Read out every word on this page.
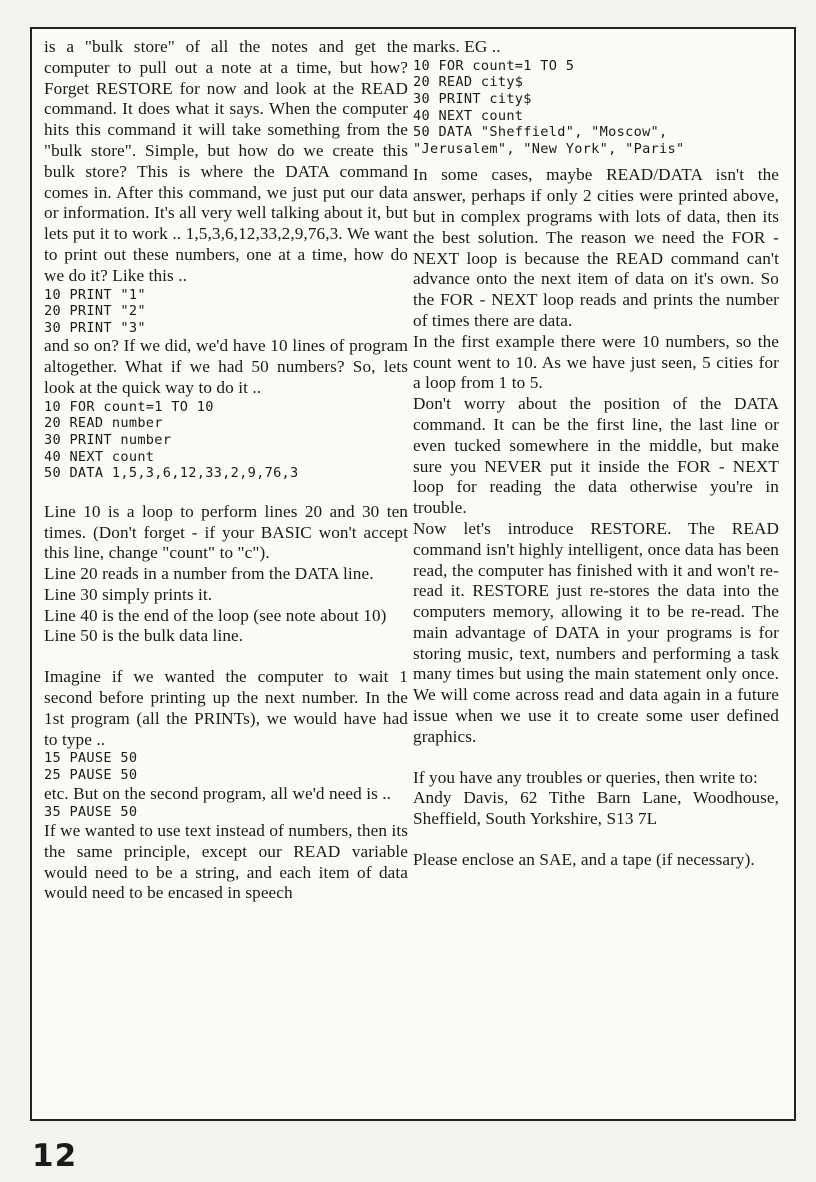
is a "bulk store" of all the notes and get the computer to pull out a note at a time, but how? Forget RESTORE for now and look at the READ command. It does what it says. When the computer hits this command it will take something from the "bulk store". Simple, but how do we create this bulk store? This is where the DATA command comes in. After this command, we just put our data or information. It's all very well talking about it, but lets put it to work .. 1,5,3,6,12,33,2,9,76,3. We want to print out these numbers, one at a time, how do we do it? Like this ..

10 PRINT "1"
20 PRINT "2"
30 PRINT "3"

and so on? If we did, we'd have 10 lines of program altogether. What if we had 50 numbers? So, lets look at the quick way to do it ..

10 FOR count=1 TO 10
20 READ number
30 PRINT number
40 NEXT count
50 DATA 1,5,3,6,12,33,2,9,76,3

Line 10 is a loop to perform lines 20 and 30 ten times. (Don't forget - if your BASIC won't accept this line, change "count" to "c").

Line 20 reads in a number from the DATA line.

Line 30 simply prints it.

Line 40 is the end of the loop (see note about 10)

Line 50 is the bulk data line.

Imagine if we wanted the computer to wait 1 second before printing up the next number. In the 1st program (all the PRINTs), we would have had to type ..

15 PAUSE 50
25 PAUSE 50

etc. But on the second program, all we'd need is ..

35 PAUSE 50

If we wanted to use text instead of numbers, then its the same principle, except our READ variable would need to be a string, and each item of data would need to be encased in speech

marks. EG ..

10 FOR count=1 TO 5
20 READ city$
30 PRINT city$
40 NEXT count
50 DATA "Sheffield", "Moscow",
"Jerusalem", "New York", "Paris"

In some cases, maybe READ/DATA isn't the answer, perhaps if only 2 cities were printed above, but in complex programs with lots of data, then its the best solution. The reason we need the FOR - NEXT loop is because the READ command can't advance onto the next item of data on it's own. So the FOR - NEXT loop reads and prints the number of times there are data.

In the first example there were 10 numbers, so the count went to 10. As we have just seen, 5 cities for a loop from 1 to 5.

Don't worry about the position of the DATA command. It can be the first line, the last line or even tucked somewhere in the middle, but make sure you NEVER put it inside the FOR - NEXT loop for reading the data otherwise you're in trouble.

Now let's introduce RESTORE. The READ command isn't highly intelligent, once data has been read, the computer has finished with it and won't re-read it. RESTORE just re-stores the data into the computers memory, allowing it to be re-read. The main advantage of DATA in your programs is for storing music, text, numbers and performing a task many times but using the main statement only once. We will come across read and data again in a future issue when we use it to create some user defined graphics.

If you have any troubles or queries, then write to:

Andy Davis, 62 Tithe Barn Lane, Woodhouse, Sheffield, South Yorkshire, S13 7L

Please enclose an SAE, and a tape (if necessary).

12
